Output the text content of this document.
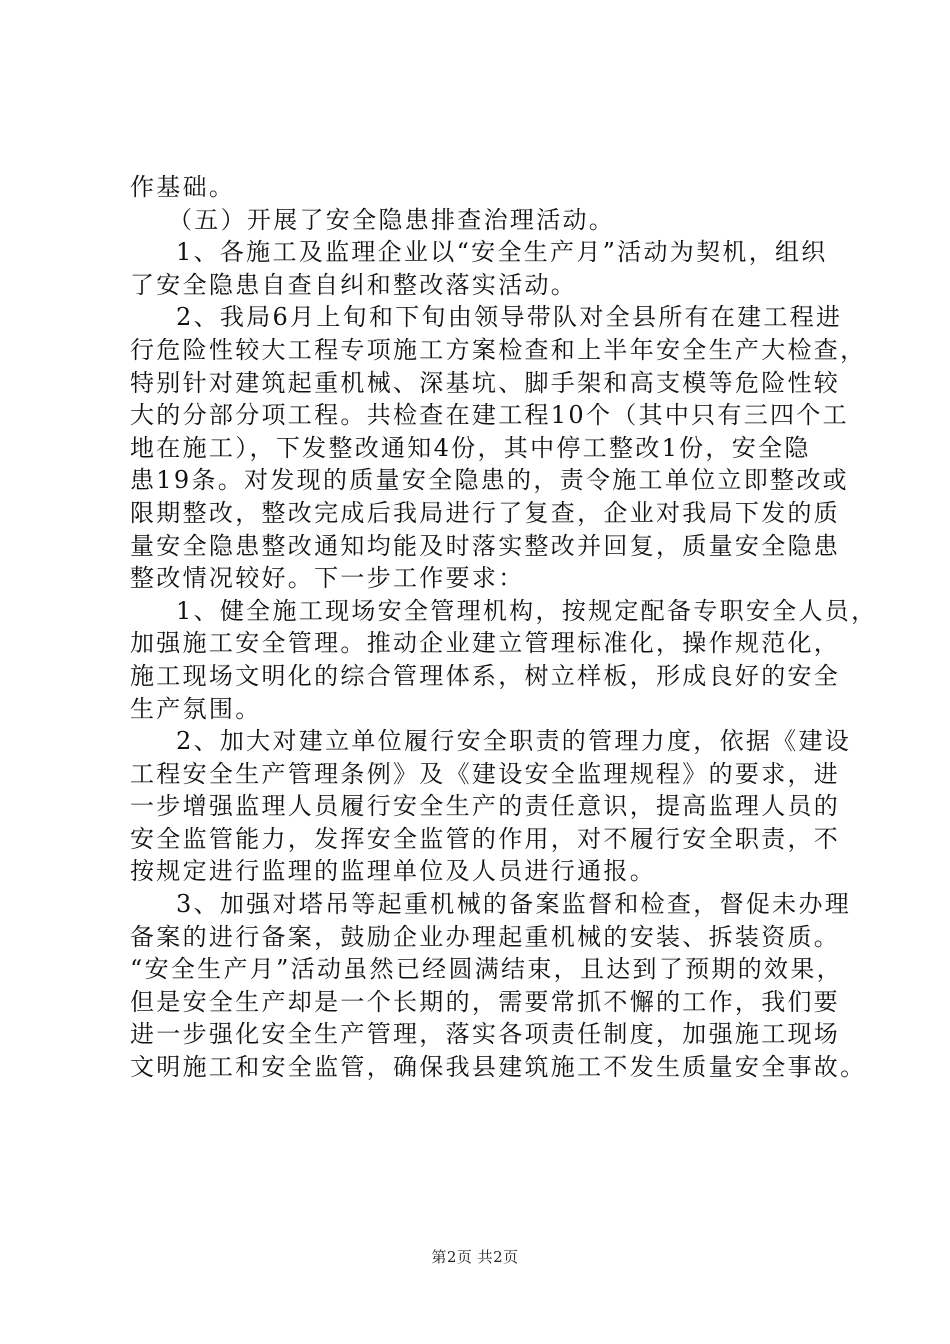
作基础。
（五）开展了安全隐患排查治理活动。
1、各施工及监理企业以“安全生产月”活动为契机，组织
了安全隐患自查自纠和整改落实活动。
2、我局6月上旬和下旬由领导带队对全县所有在建工程进
行危险性较大工程专项施工方案检查和上半年安全生产大检查，
特别针对建筑起重机械、深基坑、脚手架和高支模等危险性较
大的分部分项工程。共检查在建工程10个（其中只有三四个工
地在施工），下发整改通知4份，其中停工整改1份，安全隐
患19条。对发现的质量安全隐患的，责令施工单位立即整改或
限期整改，整改完成后我局进行了复查，企业对我局下发的质
量安全隐患整改通知均能及时落实整改并回复，质量安全隐患
整改情况较好。下一步工作要求：
1、健全施工现场安全管理机构，按规定配备专职安全人员，
加强施工安全管理。推动企业建立管理标准化，操作规范化，
施工现场文明化的综合管理体系，树立样板，形成良好的安全
生产氛围。
2、加大对建立单位履行安全职责的管理力度，依据《建设
工程安全生产管理条例》及《建设安全监理规程》的要求，进
一步增强监理人员履行安全生产的责任意识，提高监理人员的
安全监管能力，发挥安全监管的作用，对不履行安全职责，不
按规定进行监理的监理单位及人员进行通报。
3、加强对塔吊等起重机械的备案监督和检查，督促未办理
备案的进行备案，鼓励企业办理起重机械的安装、拆装资质。
“安全生产月”活动虽然已经圆满结束，且达到了预期的效果，
但是安全生产却是一个长期的，需要常抓不懈的工作，我们要
进一步强化安全生产管理，落实各项责任制度，加强施工现场
文明施工和安全监管，确保我县建筑施工不发生质量安全事故。
第2页 共2页
